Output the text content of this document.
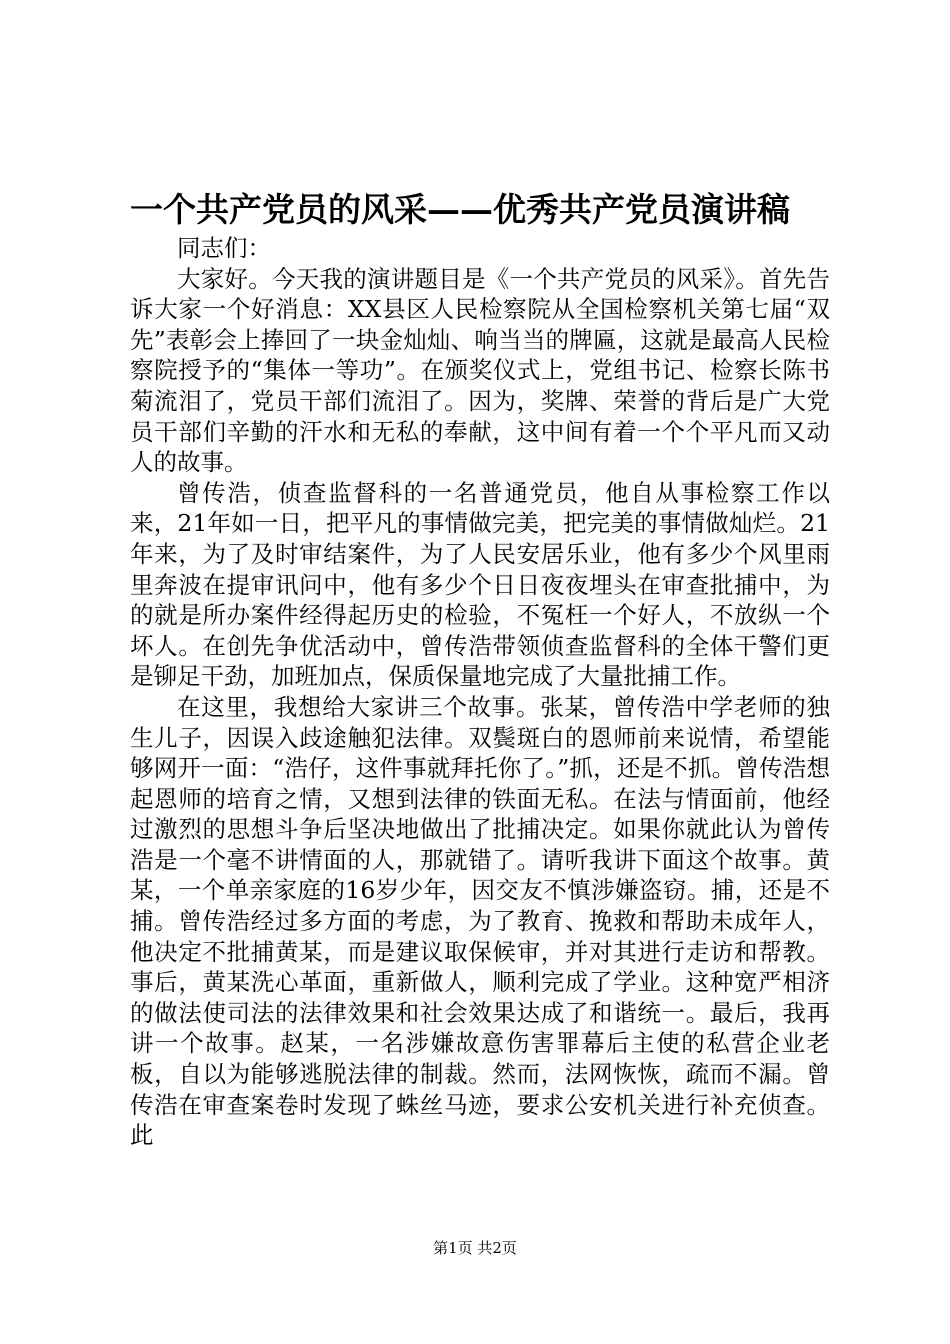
一个共产党员的风采——优秀共产党员演讲稿

同志们：

大家好。今天我的演讲题目是《一个共产党员的风采》。首先告诉大家一个好消息：XX县区人民检察院从全国检察机关第七届“双先”表彰会上捧回了一块金灿灿、响当当的牌匾，这就是最高人民检察院授予的“集体一等功”。在颁奖仪式上，党组书记、检察长陈书菊流泪了，党员干部们流泪了。因为，奖牌、荣誉的背后是广大党员干部们辛勤的汗水和无私的奉献，这中间有着一个个平凡而又动人的故事。

曾传浩，侦查监督科的一名普通党员，他自从事检察工作以来，21年如一日，把平凡的事情做完美，把完美的事情做灿烂。21年来，为了及时审结案件，为了人民安居乐业，他有多少个风里雨里奔波在提审讯问中，他有多少个日日夜夜埋头在审查批捕中，为的就是所办案件经得起历史的检验，不冤枉一个好人，不放纵一个坏人。在创先争优活动中，曾传浩带领侦查监督科的全体干警们更是铆足干劲，加班加点，保质保量地完成了大量批捕工作。

在这里，我想给大家讲三个故事。张某，曾传浩中学老师的独生儿子，因误入歧途触犯法律。双鬓斑白的恩师前来说情，希望能够网开一面：“浩仔，这件事就拜托你了。”抓，还是不抓。曾传浩想起恩师的培育之情，又想到法律的铁面无私。在法与情面前，他经过激烈的思想斗争后坚决地做出了批捕决定。如果你就此认为曾传浩是一个毫不讲情面的人，那就错了。请听我讲下面这个故事。黄某，一个单亲家庭的16岁少年，因交友不慎涉嫌盗窃。捕，还是不捕。曾传浩经过多方面的考虑，为了教育、挽救和帮助未成年人，他决定不批捕黄某，而是建议取保候审，并对其进行走访和帮教。事后，黄某洗心革面，重新做人，顺利完成了学业。这种宽严相济的做法使司法的法律效果和社会效果达成了和谐统一。最后，我再讲一个故事。赵某，一名涉嫌故意伤害罪幕后主使的私营企业老板，自以为能够逃脱法律的制裁。然而，法网恢恢，疏而不漏。曾传浩在审查案卷时发现了蛛丝马迹，要求公安机关进行补充侦查。此

第1页 共2页
